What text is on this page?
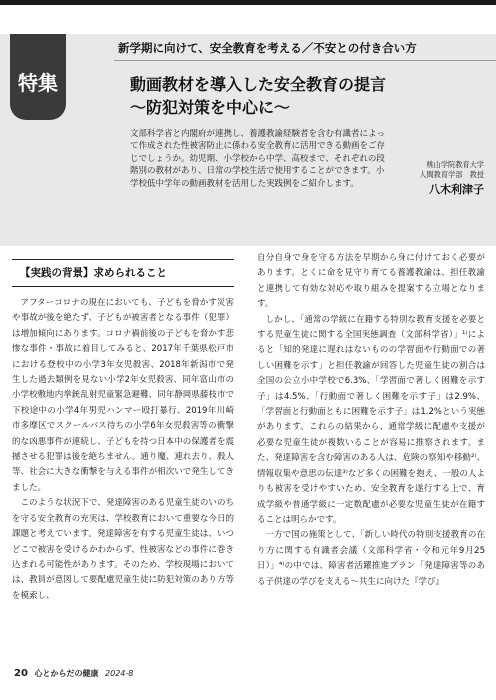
特集
新学期に向けて、安全教育を考える／不安との付き合い方
動画教材を導入した安全教育の提言
〜防犯対策を中心に〜
文部科学省と内閣府が連携し、養護教諭経験者を含む有識者によって作成された性被害防止に係わる安全教育に活用できる動画をご存じでしょうか。幼児期、小学校から中学、高校まで、それぞれの段階別の教材があり、日常の学校生活で使用することができます。小学校低中学年の動画教材を活用した実践例をご紹介します。
桃山学院教育大学
人間教育学部　教授
八木利津子
【実践の背景】求められること

アフターコロナの現在においても、子どもを脅かす災害や事故が後を絶たず、子どもが被害者となる事件（犯罪）は増加傾向にあります。コロナ禍前後の子どもを脅かす悲惨な事件・事故に着目してみると、2017年千葉県松戸市における登校中の小学3年女児殺害、2018年新潟市で発生した過去類例を見ない小学2年女児殺害、同年富山市の小学校敷地内拳銃乱射児童緊急避難、同年静岡県藤枝市で下校途中の小学4年男児ハンマー殴打暴行、2019年川崎市多摩区でスクールバス待ちの小学6年女児殺害等の衝撃的な凶悪事件が連続し、子どもを持つ日本中の保護者を震撼させる犯罪は後を絶ちません。通り魔、連れ去り、殺人等、社会に大きな衝撃を与える事件が相次いで発生してきました。

このような状況下で、発達障害のある児童生徒のいのちを守る安全教育の充実は、学校教育において重要な今日的課題と考えています。発達障害を有する児童生徒は、いつどこで被害を受けるかわからず、性被害などの事件に巻き込まれる可能性があります。そのため、学校現場においては、教員が意図して要配慮児童生徒に防犯対策のあり方等を模索し、

自分自身で身を守る方法を早期から身に付けておく必要があります。とくに命を見守り育てる養護教諭は、担任教諭と連携して有効な対応や取り組みを提案する立場となります。

しかし、「通常の学級に在籍する特別な教育支援を必要とする児童生徒に関する全国実態調査（文部科学省）」¹⁾によると「知的発達に遅れはないものの学習面や行動面での著しい困難を示す」と担任教諭が回答した児童生徒の割合は全国の公立小中学校で6.3%、「学習面で著しく困難を示す子」は4.5%、「行動面で著しく困難を示す子」は2.9%、「学習面と行動面ともに困難を示す子」は1.2%という実態があります。これらの結果から、通常学級に配慮や支援が必要な児童生徒が複数いることが容易に推察されます。また、発達障害を含む障害のある人は、危険の察知や移動²⁾、情報収集や意思の伝達³⁾など多くの困難を抱え、一般の人よりも被害を受けやすいため、安全教育を遂行する上で、育成学級や普通学級に一定数配慮が必要な児童生徒が在籍することは明らかです。

一方で国の施策として、「新しい時代の特別支援教育の在り方に関する有識者会議（文部科学省・令和元年9月25日）」⁴⁾の中では、障害者活躍推進プラン「発達障害等のある子供達の学びを支える〜共生に向けた『学び』

20 心とからだの健康 2024-8
